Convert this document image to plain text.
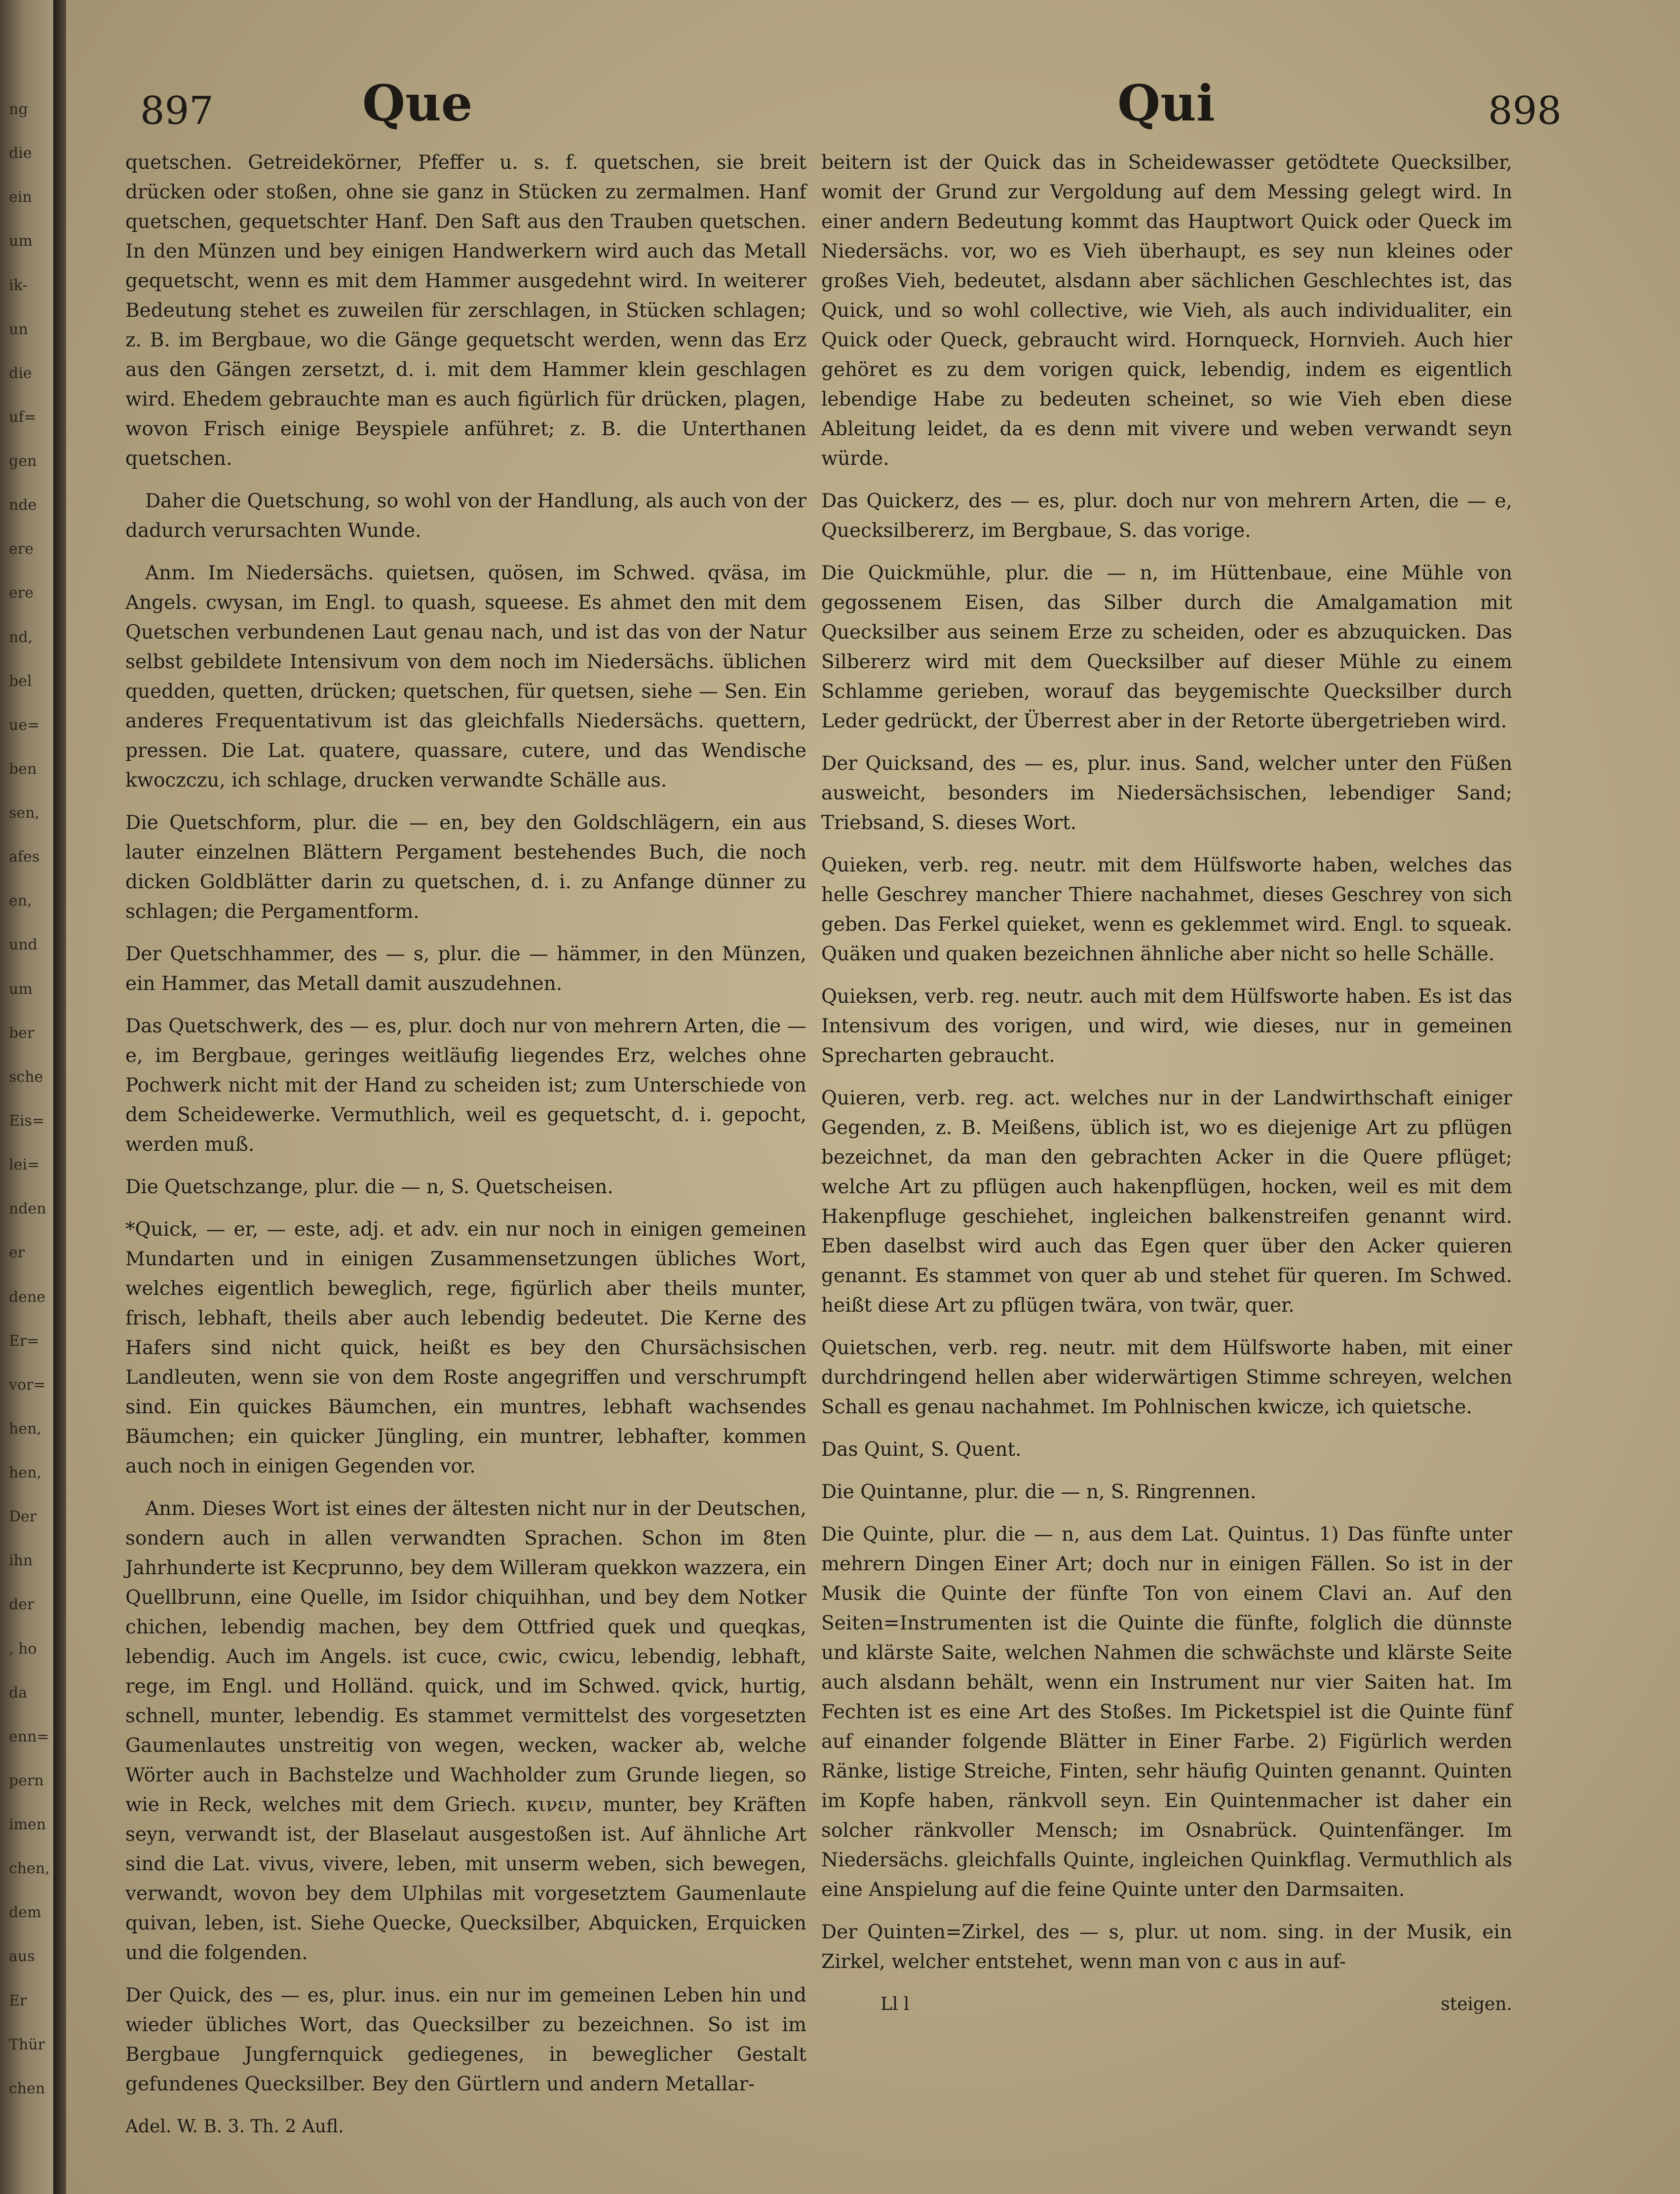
ng
die
ein
um
ik-
un
die
uf=
gen
nde
ere
ere
nd,
bel
ue=
ben
sen,
afes
en,
und
um
ber
sche
Eis=
lei=
nden
er
dene
Er=
vor=
hen,
hen,
Der
ihn
der
, ho
da
enn=
pern
imen
chen,
dem
aus
Er
Thür
chen
897	Que	Qui	898

quetschen. Getreidekörner, Pfeffer u. s. f. quetschen, sie breit drücken oder stoßen, ohne sie ganz in Stücken zu zermalmen. Hanf quetschen, gequetschter Hanf. Den Saft aus den Trauben quetschen. In den Münzen und bey einigen Handwerkern wird auch das Metall gequetscht, wenn es mit dem Hammer ausgedehnt wird. In weiterer Bedeutung stehet es zuweilen für zerschlagen, in Stücken schlagen; z. B. im Bergbaue, wo die Gänge gequetscht werden, wenn das Erz aus den Gängen zersetzt, d. i. mit dem Hammer klein geschlagen wird. Ehedem gebrauchte man es auch figürlich für drücken, plagen, wovon Frisch einige Beyspiele anführet; z. B. die Unterthanen quetschen.

Daher die Quetschung, so wohl von der Handlung, als auch von der dadurch verursachten Wunde.

Anm. Im Niedersächs. quietsen, quösen, im Schwed. qväsa, im Angels. cwysan, im Engl. to quash, squeese. Es ahmet den mit dem Quetschen verbundenen Laut genau nach, und ist das von der Natur selbst gebildete Intensivum von dem noch im Niedersächs. üblichen quedden, quetten, drücken; quetschen, für quetsen, siehe — Sen. Ein anderes Frequentativum ist das gleichfalls Niedersächs. quettern, pressen. Die Lat. quatere, quassare, cutere, und das Wendische kwoczczu, ich schlage, drucken verwandte Schälle aus.

Die Quetschform, plur. die — en, bey den Goldschlägern, ein aus lauter einzelnen Blättern Pergament bestehendes Buch, die noch dicken Goldblätter darin zu quetschen, d. i. zu Anfange dünner zu schlagen; die Pergamentform.

Der Quetschhammer, des — s, plur. die — hämmer, in den Münzen, ein Hammer, das Metall damit auszudehnen.

Das Quetschwerk, des — es, plur. doch nur von mehrern Arten, die — e, im Bergbaue, geringes weitläufig liegendes Erz, welches ohne Pochwerk nicht mit der Hand zu scheiden ist; zum Unterschiede von dem Scheidewerke. Vermuthlich, weil es gequetscht, d. i. gepocht, werden muß.

Die Quetschzange, plur. die — n, S. Quetscheisen.

*Quick, — er, — este, adj. et adv. ein nur noch in einigen gemeinen Mundarten und in einigen Zusammensetzungen übliches Wort, welches eigentlich beweglich, rege, figürlich aber theils munter, frisch, lebhaft, theils aber auch lebendig bedeutet. Die Kerne des Hafers sind nicht quick, heißt es bey den Chursächsischen Landleuten, wenn sie von dem Roste angegriffen und verschrumpft sind. Ein quickes Bäumchen, ein muntres, lebhaft wachsendes Bäumchen; ein quicker Jüngling, ein muntrer, lebhafter, kommen auch noch in einigen Gegenden vor.

Anm. Dieses Wort ist eines der ältesten nicht nur in der Deutschen, sondern auch in allen verwandten Sprachen. Schon im 8ten Jahrhunderte ist Kecprunno, bey dem Willeram quekkon wazzera, ein Quellbrunn, eine Quelle, im Isidor chiquihhan, und bey dem Notker chichen, lebendig machen, bey dem Ottfried quek und queqkas, lebendig. Auch im Angels. ist cuce, cwic, cwicu, lebendig, lebhaft, rege, im Engl. und Holländ. quick, und im Schwed. qvick, hurtig, schnell, munter, lebendig. Es stammet vermittelst des vorgesetzten Gaumenlautes unstreitig von wegen, wecken, wacker ab, welche Wörter auch in Bachstelze und Wachholder zum Grunde liegen, so wie in Reck, welches mit dem Griech. κινειν, munter, bey Kräften seyn, verwandt ist, der Blaselaut ausgestoßen ist. Auf ähnliche Art sind die Lat. vivus, vivere, leben, mit unserm weben, sich bewegen, verwandt, wovon bey dem Ulphilas mit vorgesetztem Gaumenlaute quivan, leben, ist. Siehe Quecke, Quecksilber, Abquicken, Erquicken und die folgenden.

Der Quick, des — es, plur. inus. ein nur im gemeinen Leben hin und wieder übliches Wort, das Quecksilber zu bezeichnen. So ist im Bergbaue Jungfernquick gediegenes, in beweglicher Gestalt gefundenes Quecksilber. Bey den Gürtlern und andern Metallar-

Adel. W. B. 3. Th. 2 Aufl.

beitern ist der Quick das in Scheidewasser getödtete Quecksilber, womit der Grund zur Vergoldung auf dem Messing gelegt wird. In einer andern Bedeutung kommt das Hauptwort Quick oder Queck im Niedersächs. vor, wo es Vieh überhaupt, es sey nun kleines oder großes Vieh, bedeutet, alsdann aber sächlichen Geschlechtes ist, das Quick, und so wohl collective, wie Vieh, als auch individualiter, ein Quick oder Queck, gebraucht wird. Hornqueck, Hornvieh. Auch hier gehöret es zu dem vorigen quick, lebendig, indem es eigentlich lebendige Habe zu bedeuten scheinet, so wie Vieh eben diese Ableitung leidet, da es denn mit vivere und weben verwandt seyn würde.

Das Quickerz, des — es, plur. doch nur von mehrern Arten, die — e, Quecksilbererz, im Bergbaue, S. das vorige.

Die Quickmühle, plur. die — n, im Hüttenbaue, eine Mühle von gegossenem Eisen, das Silber durch die Amalgamation mit Quecksilber aus seinem Erze zu scheiden, oder es abzuquicken. Das Silbererz wird mit dem Quecksilber auf dieser Mühle zu einem Schlamme gerieben, worauf das beygemischte Quecksilber durch Leder gedrückt, der Überrest aber in der Retorte übergetrieben wird.

Der Quicksand, des — es, plur. inus. Sand, welcher unter den Füßen ausweicht, besonders im Niedersächsischen, lebendiger Sand; Triebsand, S. dieses Wort.

Quieken, verb. reg. neutr. mit dem Hülfsworte haben, welches das helle Geschrey mancher Thiere nachahmet, dieses Geschrey von sich geben. Das Ferkel quieket, wenn es geklemmet wird. Engl. to squeak. Quäken und quaken bezeichnen ähnliche aber nicht so helle Schälle.

Quieksen, verb. reg. neutr. auch mit dem Hülfsworte haben. Es ist das Intensivum des vorigen, und wird, wie dieses, nur in gemeinen Sprecharten gebraucht.

Quieren, verb. reg. act. welches nur in der Landwirthschaft einiger Gegenden, z. B. Meißens, üblich ist, wo es diejenige Art zu pflügen bezeichnet, da man den gebrachten Acker in die Quere pflüget; welche Art zu pflügen auch hakenpflügen, hocken, weil es mit dem Hakenpfluge geschiehet, ingleichen balkenstreifen genannt wird. Eben daselbst wird auch das Egen quer über den Acker quieren genannt. Es stammet von quer ab und stehet für queren. Im Schwed. heißt diese Art zu pflügen twära, von twär, quer.

Quietschen, verb. reg. neutr. mit dem Hülfsworte haben, mit einer durchdringend hellen aber widerwärtigen Stimme schreyen, welchen Schall es genau nachahmet. Im Pohlnischen kwicze, ich quietsche.

Das Quint, S. Quent.

Die Quintanne, plur. die — n, S. Ringrennen.

Die Quinte, plur. die — n, aus dem Lat. Quintus. 1) Das fünfte unter mehrern Dingen Einer Art; doch nur in einigen Fällen. So ist in der Musik die Quinte der fünfte Ton von einem Clavi an. Auf den Seiten=Instrumenten ist die Quinte die fünfte, folglich die dünnste und klärste Saite, welchen Nahmen die schwächste und klärste Seite auch alsdann behält, wenn ein Instrument nur vier Saiten hat. Im Fechten ist es eine Art des Stoßes. Im Picketspiel ist die Quinte fünf auf einander folgende Blätter in Einer Farbe. 2) Figürlich werden Ränke, listige Streiche, Finten, sehr häufig Quinten genannt. Quinten im Kopfe haben, ränkvoll seyn. Ein Quintenmacher ist daher ein solcher ränkvoller Mensch; im Osnabrück. Quintenfänger. Im Niedersächs. gleichfalls Quinte, ingleichen Quinkflag. Vermuthlich als eine Anspielung auf die feine Quinte unter den Darmsaiten.

Der Quinten=Zirkel, des — s, plur. ut nom. sing. in der Musik, ein Zirkel, welcher entstehet, wenn man von c aus in auf-

Ll l	steigen.
